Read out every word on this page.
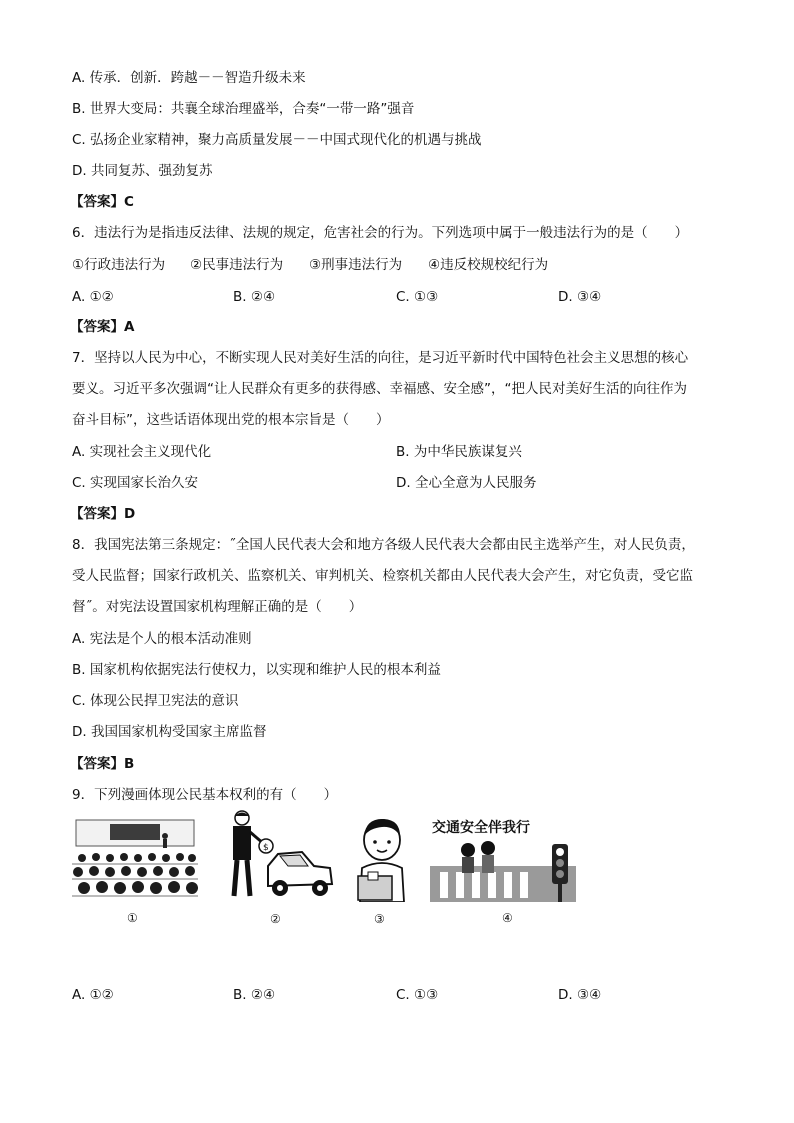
A. 传承．创新．跨越－－智造升级未来
B. 世界大变局：共襄全球治理盛举，合奏“一带一路”强音
C. 弘扬企业家精神，聚力高质量发展－－中国式现代化的机遇与挑战
D. 共同复苏、强劲复苏
【答案】C
6．违法行为是指违反法律、法规的规定，危害社会的行为。下列选项中属于一般违法行为的是（　　）
①行政违法行为 ②民事违法行为 ③刑事违法行为 ④违反校规校纪行为
A. ①②	B. ②④	C. ①③	D. ③④
【答案】A
7．坚持以人民为中心，不断实现人民对美好生活的向往，是习近平新时代中国特色社会主义思想的核心
要义。习近平多次强调“让人民群众有更多的获得感、幸福感、安全感”，“把人民对美好生活的向往作为
奋斗目标”，这些话语体现出党的根本宗旨是（　　）
A. 实现社会主义现代化	B. 为中华民族谋复兴
C. 实现国家长治久安	D. 全心全意为人民服务
【答案】D
8．我国宪法第三条规定：˝全国人民代表大会和地方各级人民代表大会都由民主选举产生，对人民负责，
受人民监督；国家行政机关、监察机关、审判机关、检察机关都由人民代表大会产生，对它负责，受它监
督˝。对宪法设置国家机构理解正确的是（　　）
A. 宪法是个人的根本活动准则
B. 国家机构依据宪法行使权力，以实现和维护人民的根本利益
C. 体现公民捍卫宪法的意识
D. 我国国家机构受国家主席监督
【答案】B
9．下列漫画体现公民基本权利的有（　　）
$
交通安全伴我行
①	②	③	④
A. ①②	B. ②④	C. ①③	D. ③④
